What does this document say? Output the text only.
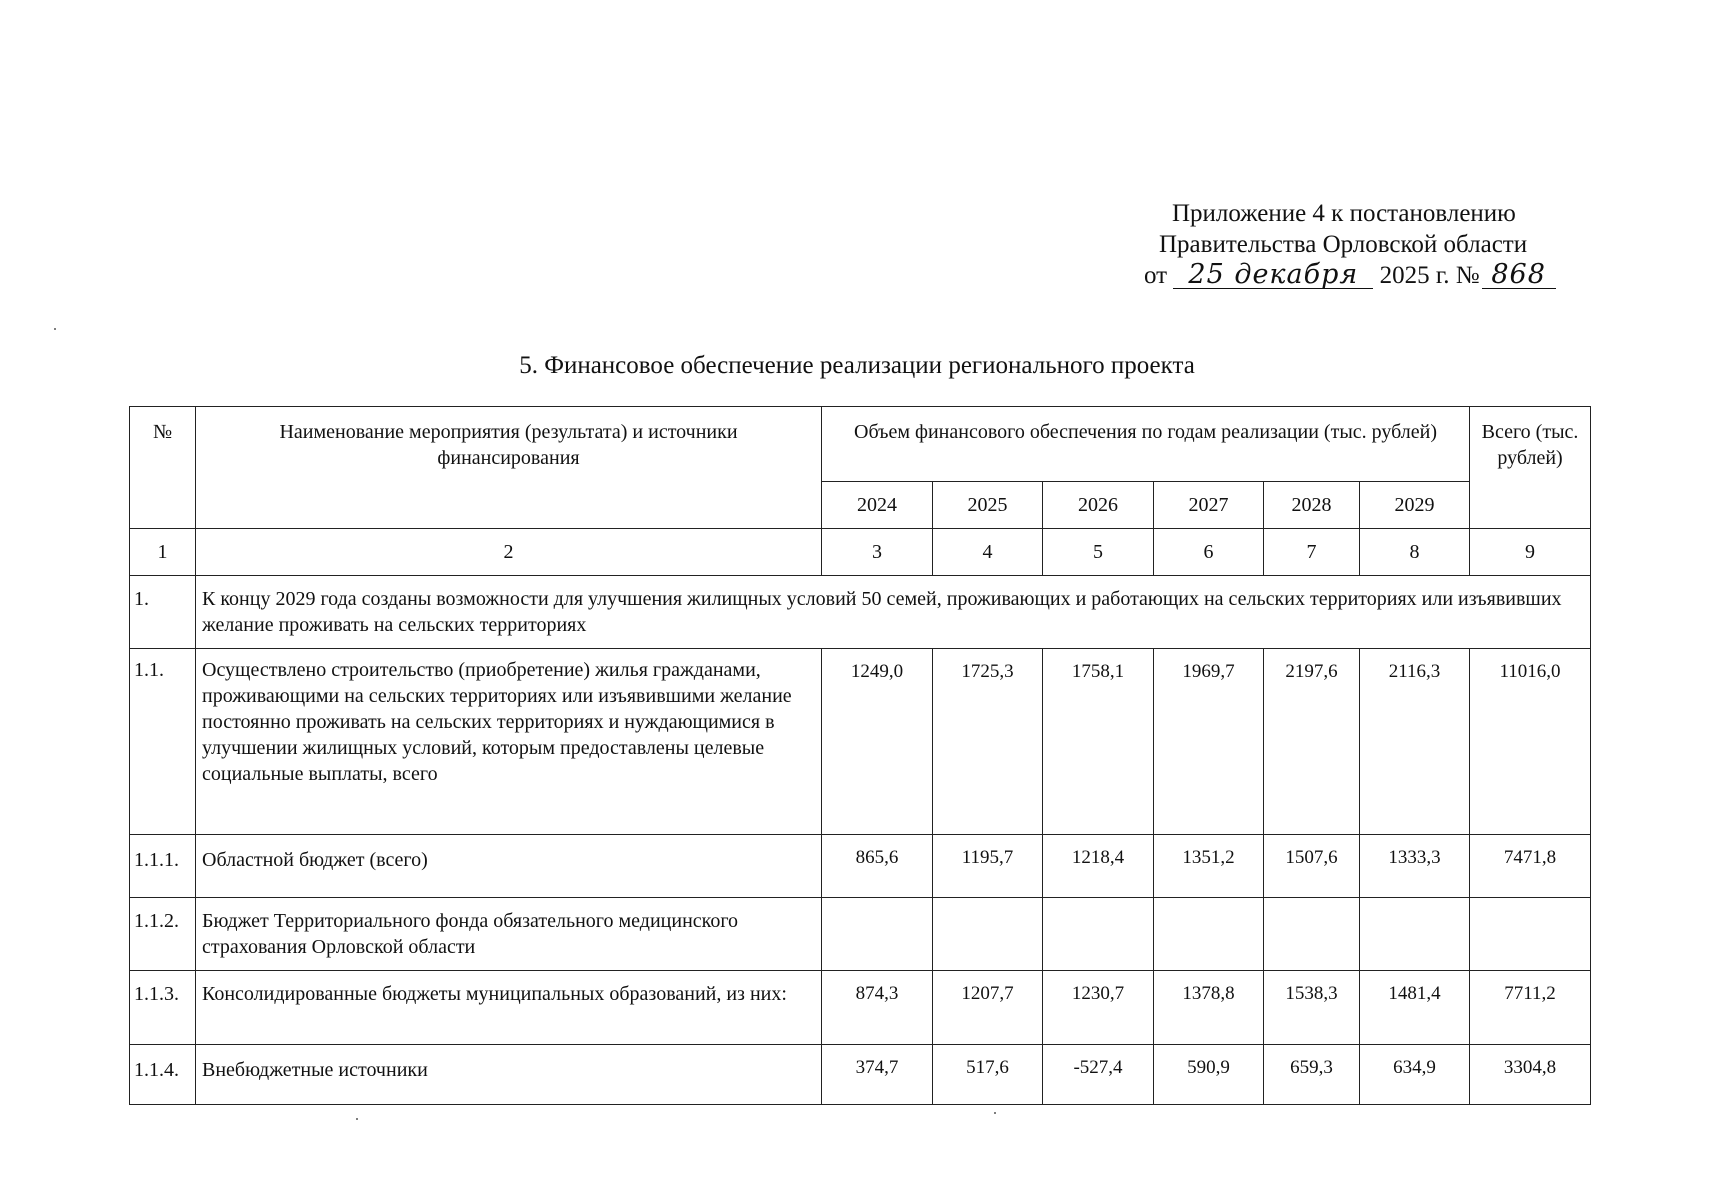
Приложение 4 к постановлению
Правительства Орловской области
от 25 декабря 2025 г. № 868
5. Финансовое обеспечение реализации регионального проекта
№	Наименование мероприятия (результата) и источники финансирования	Объем финансового обеспечения по годам реализации (тыс. рублей)						Всего (тыс. рублей)
		2024	2025	2026	2027	2028	2029	
1	2	3	4	5	6	7	8	9
1.	К концу 2029 года созданы возможности для улучшения жилищных условий 50 семей, проживающих и работающих на сельских территориях или изъявивших желание проживать на сельских территориях							
1.1.	Осуществлено строительство (приобретение) жилья гражданами, проживающими на сельских территориях или изъявившими желание постоянно проживать на сельских территориях и нуждающимися в улучшении жилищных условий, которым предоставлены целевые социальные выплаты, всего	1249,0	1725,3	1758,1	1969,7	2197,6	2116,3	11016,0
1.1.1.	Областной бюджет (всего)	865,6	1195,7	1218,4	1351,2	1507,6	1333,3	7471,8
1.1.2.	Бюджет Территориального фонда обязательного медицинского страхования Орловской области							
1.1.3.	Консолидированные бюджеты муниципальных образований, из них:	874,3	1207,7	1230,7	1378,8	1538,3	1481,4	7711,2
1.1.4.	Внебюджетные источники	374,7	517,6	-527,4	590,9	659,3	634,9	3304,8
